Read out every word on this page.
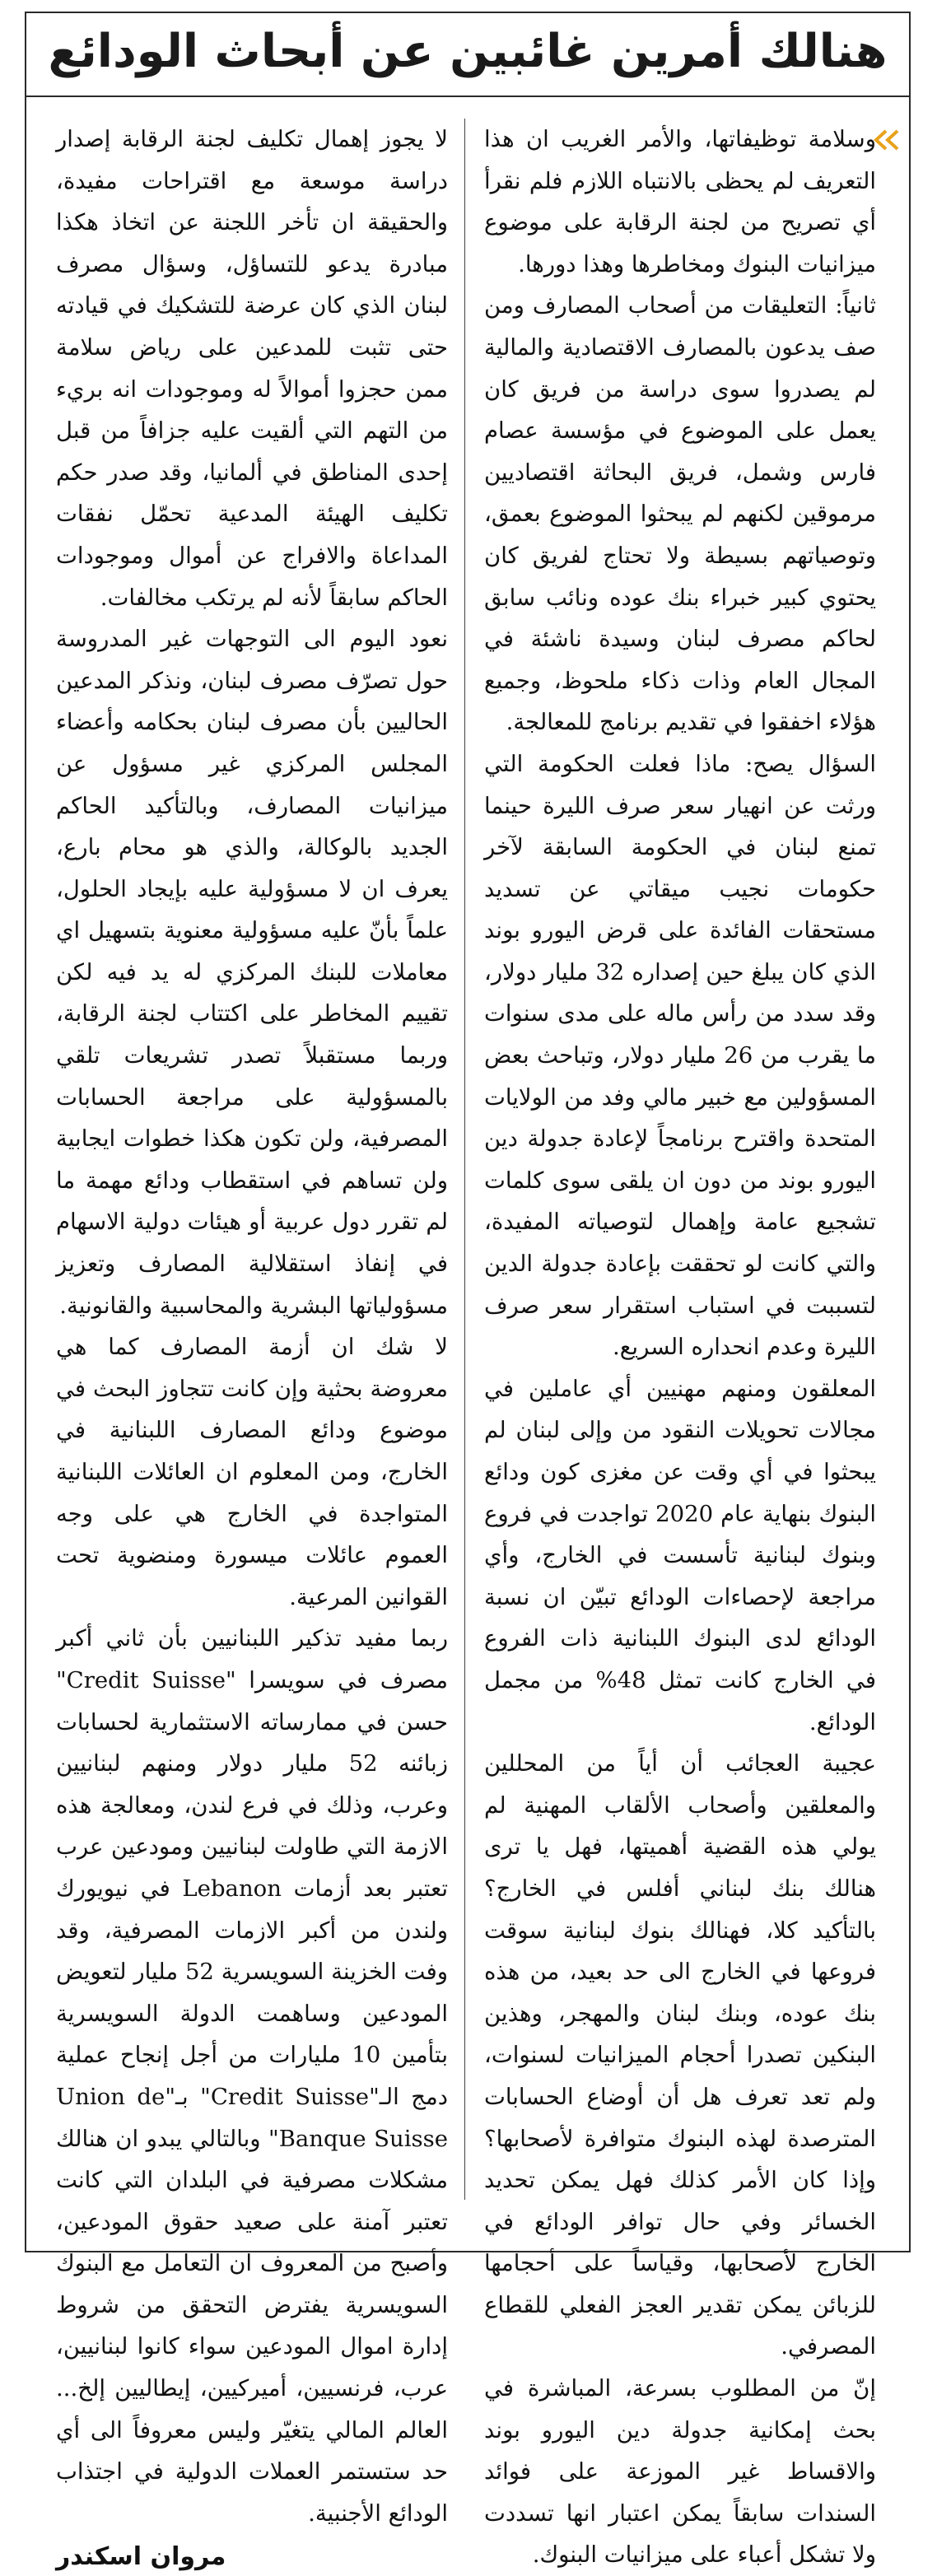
هنالك أمرين غائبين عن أبحاث الودائع

وسلامة توظيفاتها، والأمر الغريب ان هذا التعريف لم يحظى بالانتباه اللازم فلم نقرأ أي تصريح من لجنة الرقابة على موضوع ميزانيات البنوك ومخاطرها وهذا دورها.

ثانياً: التعليقات من أصحاب المصارف ومن صف يدعون بالمصارف الاقتصادية والمالية لم يصدروا سوى دراسة من فريق كان يعمل على الموضوع في مؤسسة عصام فارس وشمل، فريق البحاثة اقتصاديين مرموقين لكنهم لم يبحثوا الموضوع بعمق، وتوصياتهم بسيطة ولا تحتاج لفريق كان يحتوي كبير خبراء بنك عوده ونائب سابق لحاكم مصرف لبنان وسيدة ناشئة في المجال العام وذات ذكاء ملحوظ، وجميع هؤلاء اخفقوا في تقديم برنامج للمعالجة.

السؤال يصح: ماذا فعلت الحكومة التي ورثت عن انهيار سعر صرف الليرة حينما تمنع لبنان في الحكومة السابقة لآخر حكومات نجيب ميقاتي عن تسديد مستحقات الفائدة على قرض اليورو بوند الذي كان يبلغ حين إصداره 32 مليار دولار، وقد سدد من رأس ماله على مدى سنوات ما يقرب من 26 مليار دولار، وتباحث بعض المسؤولين مع خبير مالي وفد من الولايات المتحدة واقترح برنامجاً لإعادة جدولة دين اليورو بوند من دون ان يلقى سوى كلمات تشجيع عامة وإهمال لتوصياته المفيدة، والتي كانت لو تحققت بإعادة جدولة الدين لتسببت في استباب استقرار سعر صرف الليرة وعدم انحداره السريع.

المعلقون ومنهم مهنيين أي عاملين في مجالات تحويلات النقود من وإلى لبنان لم يبحثوا في أي وقت عن مغزى كون ودائع البنوك بنهاية عام 2020 تواجدت في فروع وبنوك لبنانية تأسست في الخارج، وأي مراجعة لإحصاءات الودائع تبيّن ان نسبة الودائع لدى البنوك اللبنانية ذات الفروع في الخارج كانت تمثل 48% من مجمل الودائع.

عجيبة العجائب أن أياً من المحللين والمعلقين وأصحاب الألقاب المهنية لم يولي هذه القضية أهميتها، فهل يا ترى هنالك بنك لبناني أفلس في الخارج؟ بالتأكيد كلا، فهنالك بنوك لبنانية سوقت فروعها في الخارج الى حد بعيد، من هذه بنك عوده، وبنك لبنان والمهجر، وهذين البنكين تصدرا أحجام الميزانيات لسنوات، ولم تعد تعرف هل أن أوضاع الحسابات المترصدة لهذه البنوك متوافرة لأصحابها؟ وإذا كان الأمر كذلك فهل يمكن تحديد الخسائر وفي حال توافر الودائع في الخارج لأصحابها، وقياساً على أحجامها للزبائن يمكن تقدير العجز الفعلي للقطاع المصرفي.

إنّ من المطلوب بسرعة، المباشرة في بحث إمكانية جدولة دين اليورو بوند والاقساط غير الموزعة على فوائد السندات سابقاً يمكن اعتبار انها تسددت ولا تشكل أعباء على ميزانيات البنوك.

لا يجوز إهمال تكليف لجنة الرقابة إصدار دراسة موسعة مع اقتراحات مفيدة، والحقيقة ان تأخر اللجنة عن اتخاذ هكذا مبادرة يدعو للتساؤل، وسؤال مصرف لبنان الذي كان عرضة للتشكيك في قيادته حتى تثبت للمدعين على رياض سلامة ممن حجزوا أموالاً له وموجودات انه بريء من التهم التي ألقيت عليه جزافاً من قبل إحدى المناطق في ألمانيا، وقد صدر حكم تكليف الهيئة المدعية تحمّل نفقات المداعاة والافراج عن أموال وموجودات الحاكم سابقاً لأنه لم يرتكب مخالفات.

نعود اليوم الى التوجهات غير المدروسة حول تصرّف مصرف لبنان، ونذكر المدعين الحاليين بأن مصرف لبنان بحكامه وأعضاء المجلس المركزي غير مسؤول عن ميزانيات المصارف، وبالتأكيد الحاكم الجديد بالوكالة، والذي هو محام بارع، يعرف ان لا مسؤولية عليه بإيجاد الحلول، علماً بأنّ عليه مسؤولية معنوية بتسهيل اي معاملات للبنك المركزي له يد فيه لكن تقييم المخاطر على اكتتاب لجنة الرقابة، وربما مستقبلاً تصدر تشريعات تلقي بالمسؤولية على مراجعة الحسابات المصرفية، ولن تكون هكذا خطوات ايجابية ولن تساهم في استقطاب ودائع مهمة ما لم تقرر دول عربية أو هيئات دولية الاسهام في إنفاذ استقلالية المصارف وتعزيز مسؤولياتها البشرية والمحاسبية والقانونية.

لا شك ان أزمة المصارف كما هي معروضة بحثية وإن كانت تتجاوز البحث في موضوع ودائع المصارف اللبنانية في الخارج، ومن المعلوم ان العائلات اللبنانية المتواجدة في الخارج هي على وجه العموم عائلات ميسورة ومنضوية تحت القوانين المرعية.

ربما مفيد تذكير اللبنانيين بأن ثاني أكبر مصرف في سويسرا "Credit Suisse" حسن في ممارساته الاستثمارية لحسابات زبائنه 52 مليار دولار ومنهم لبنانيين وعرب، وذلك في فرع لندن، ومعالجة هذه الازمة التي طاولت لبنانيين ومودعين عرب تعتبر بعد أزمات Lebanon في نيويورك ولندن من أكبر الازمات المصرفية، وقد وفت الخزينة السويسرية 52 مليار لتعويض المودعين وساهمت الدولة السويسرية بتأمين 10 مليارات من أجل إنجاح عملية دمج الـ"Credit Suisse" بـ"Union de Banque Suisse" وبالتالي يبدو ان هنالك مشكلات مصرفية في البلدان التي كانت تعتبر آمنة على صعيد حقوق المودعين، وأصبح من المعروف ان التعامل مع البنوك السويسرية يفترض التحقق من شروط إدارة اموال المودعين سواء كانوا لبنانيين، عرب، فرنسيين، أميركيين، إيطاليين إلخ... العالم المالي يتغيّر وليس معروفاً الى أي حد ستستمر العملات الدولية في اجتذاب الودائع الأجنبية.

مروان اسكندر
